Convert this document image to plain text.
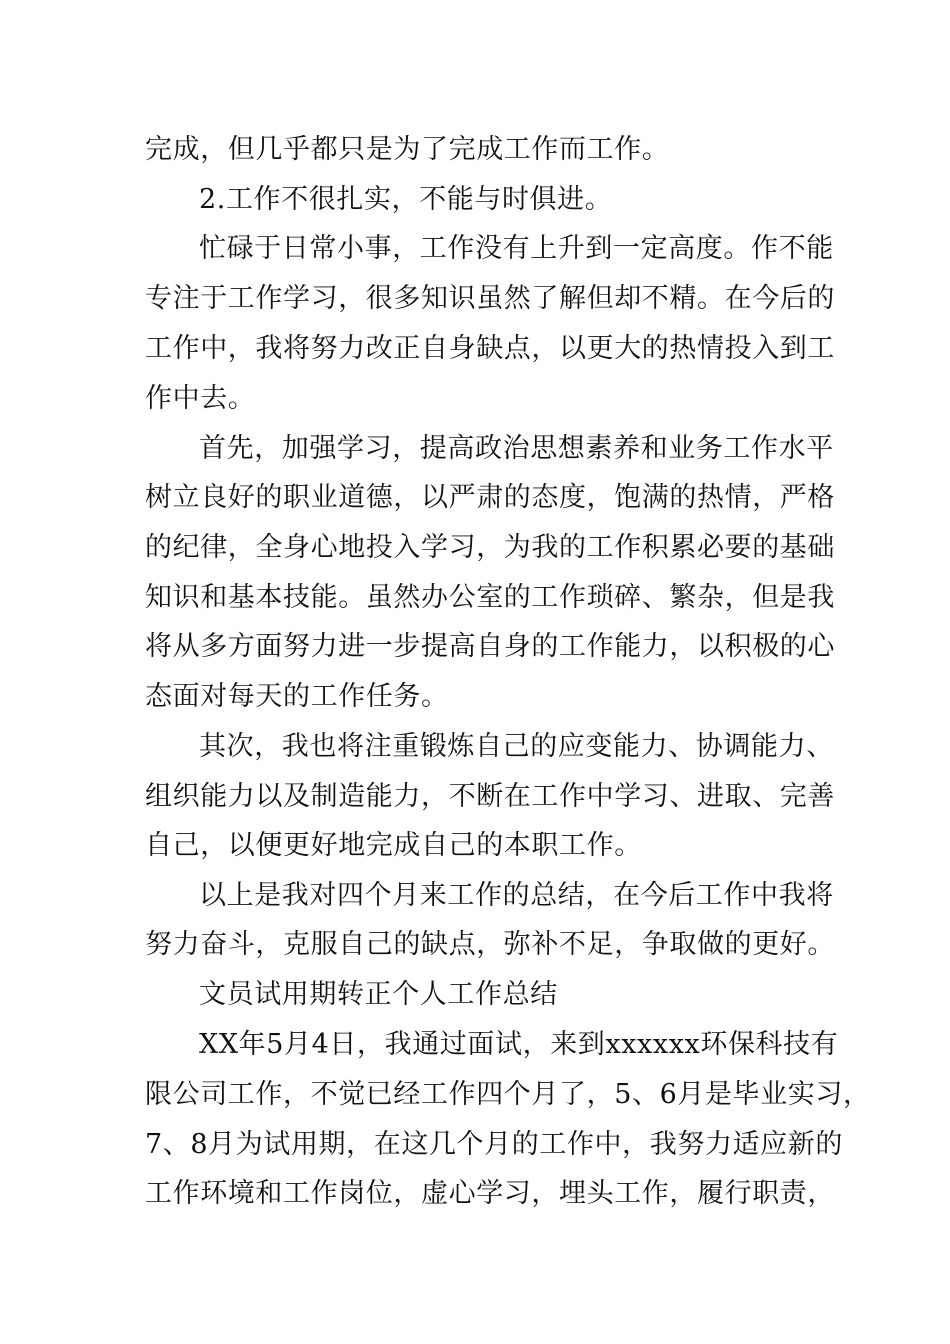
完成，但几乎都只是为了完成工作而工作。
2.工作不很扎实，不能与时俱进。
忙碌于日常小事，工作没有上升到一定高度。作不能
专注于工作学习，很多知识虽然了解但却不精。在今后的
工作中，我将努力改正自身缺点，以更大的热情投入到工
作中去。
首先，加强学习，提高政治思想素养和业务工作水平
树立良好的职业道德，以严肃的态度，饱满的热情，严格
的纪律，全身心地投入学习，为我的工作积累必要的基础
知识和基本技能。虽然办公室的工作琐碎、繁杂，但是我
将从多方面努力进一步提高自身的工作能力，以积极的心
态面对每天的工作任务。
其次，我也将注重锻炼自己的应变能力、协调能力、
组织能力以及制造能力，不断在工作中学习、进取、完善
自己，以便更好地完成自己的本职工作。
以上是我对四个月来工作的总结，在今后工作中我将
努力奋斗，克服自己的缺点，弥补不足，争取做的更好。
文员试用期转正个人工作总结
XX年5月4日，我通过面试，来到xxxxxx环保科技有
限公司工作，不觉已经工作四个月了，5、6月是毕业实习，
7、8月为试用期，在这几个月的工作中，我努力适应新的
工作环境和工作岗位，虚心学习，埋头工作，履行职责，
